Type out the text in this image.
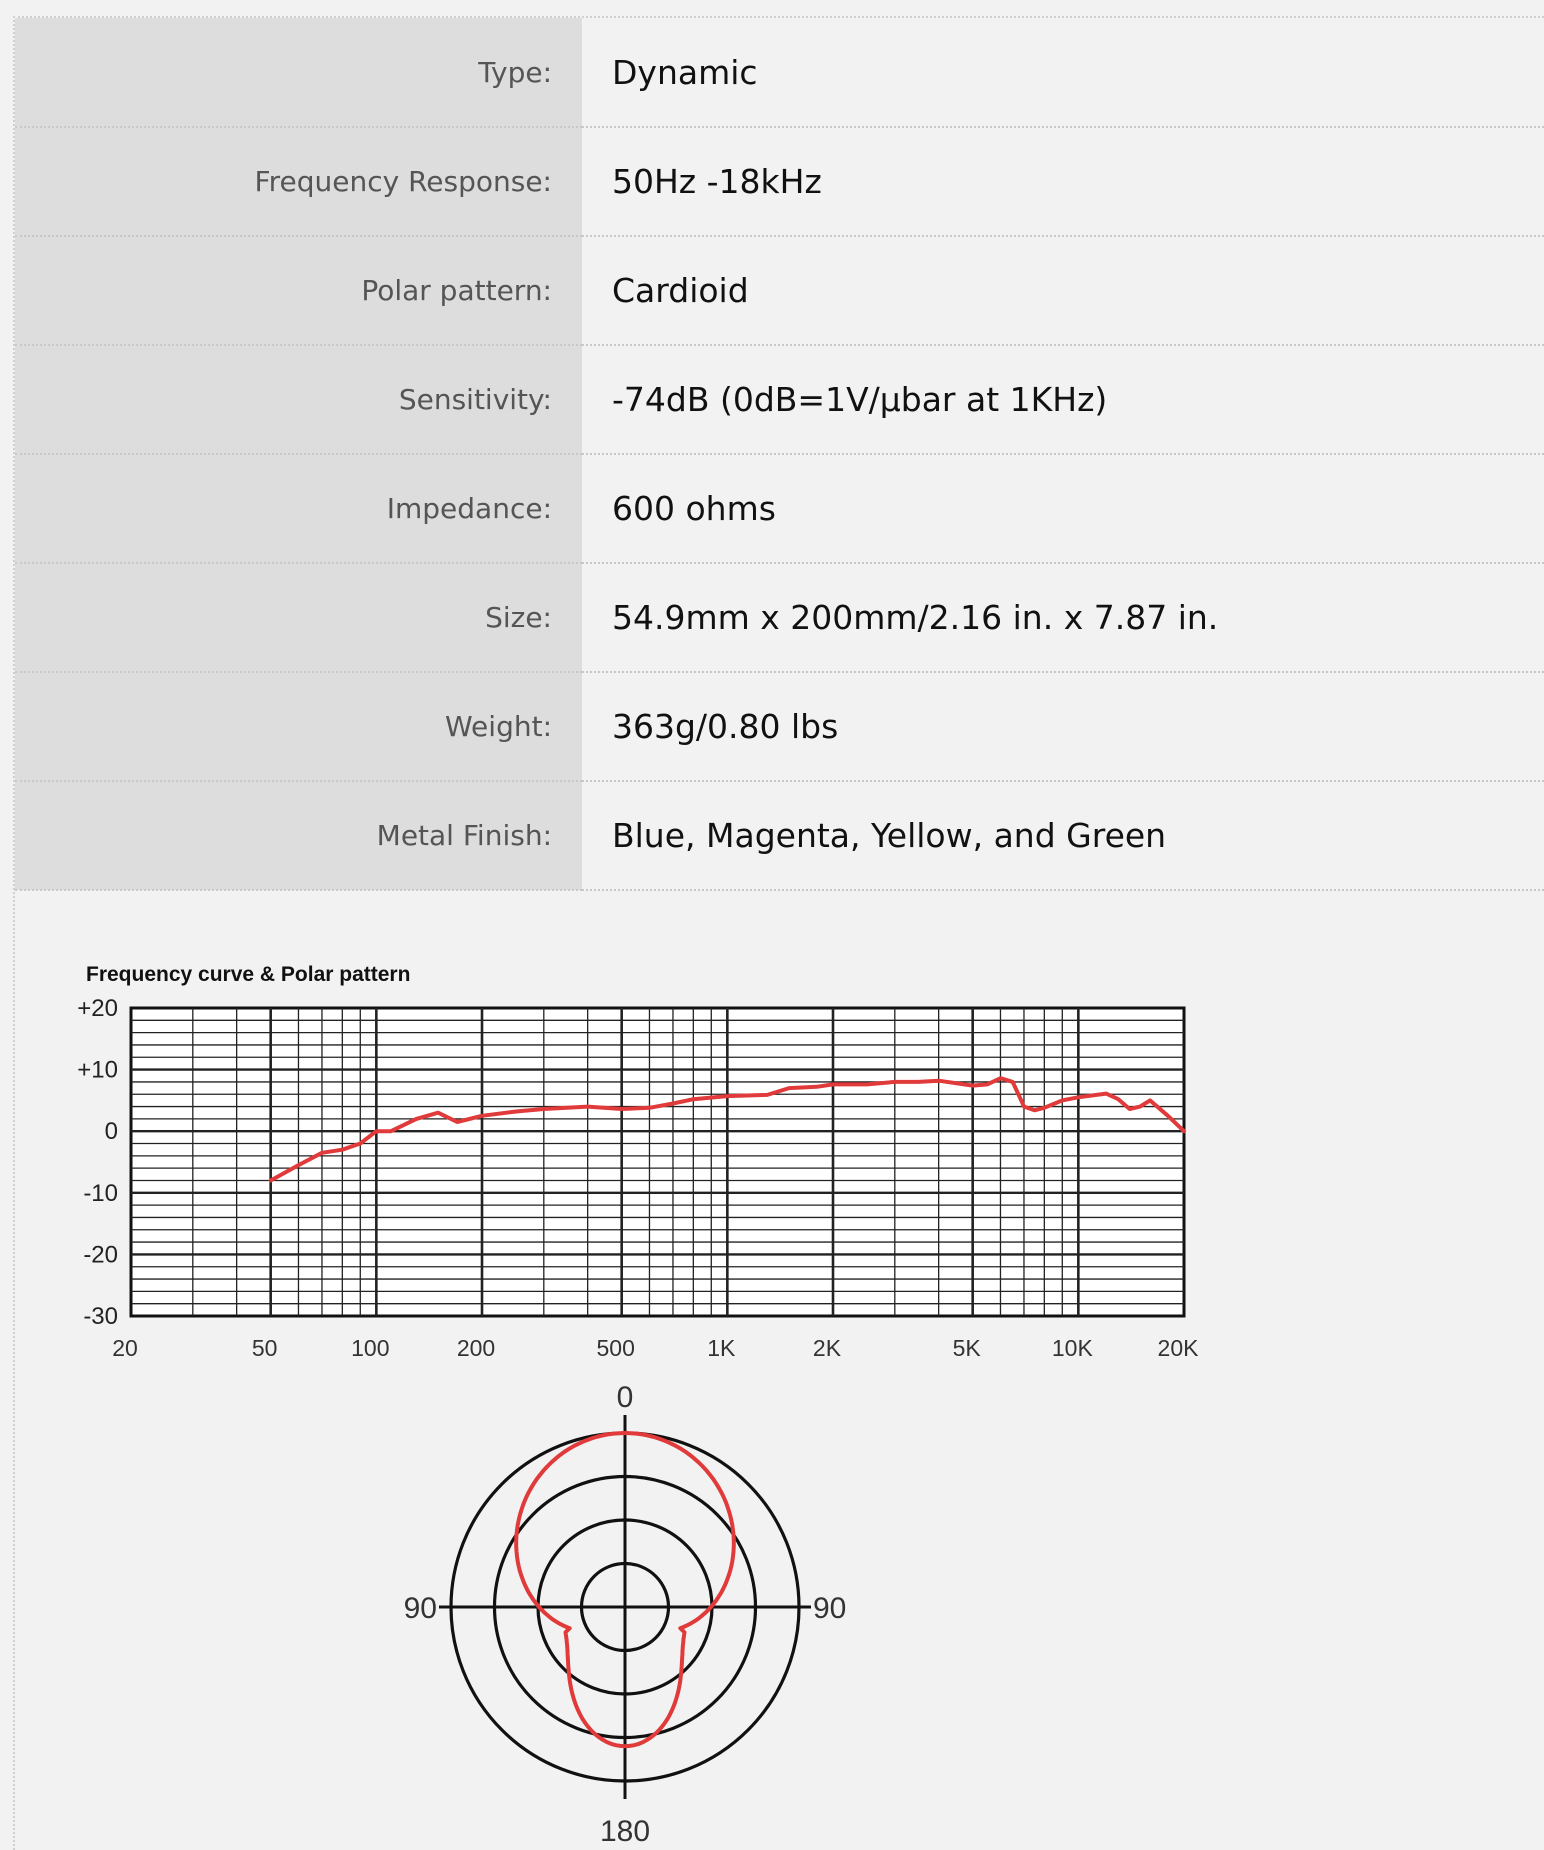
Type:	Dynamic
Frequency Response:	50Hz -18kHz
Polar pattern:	Cardioid
Sensitivity:	-74dB (0dB=1V/μbar at 1KHz)
Impedance:	600 ohms
Size:	54.9mm x 200mm/2.16 in. x 7.87 in.
Weight:	363g/0.80 lbs
Metal Finish:	Blue, Magenta, Yellow, and Green
Frequency curve & Polar pattern
20	50	100	200	500	1K	2K	5K	10K	20K
+20
+10
0
-10
-20
-30
0
90	90
180
